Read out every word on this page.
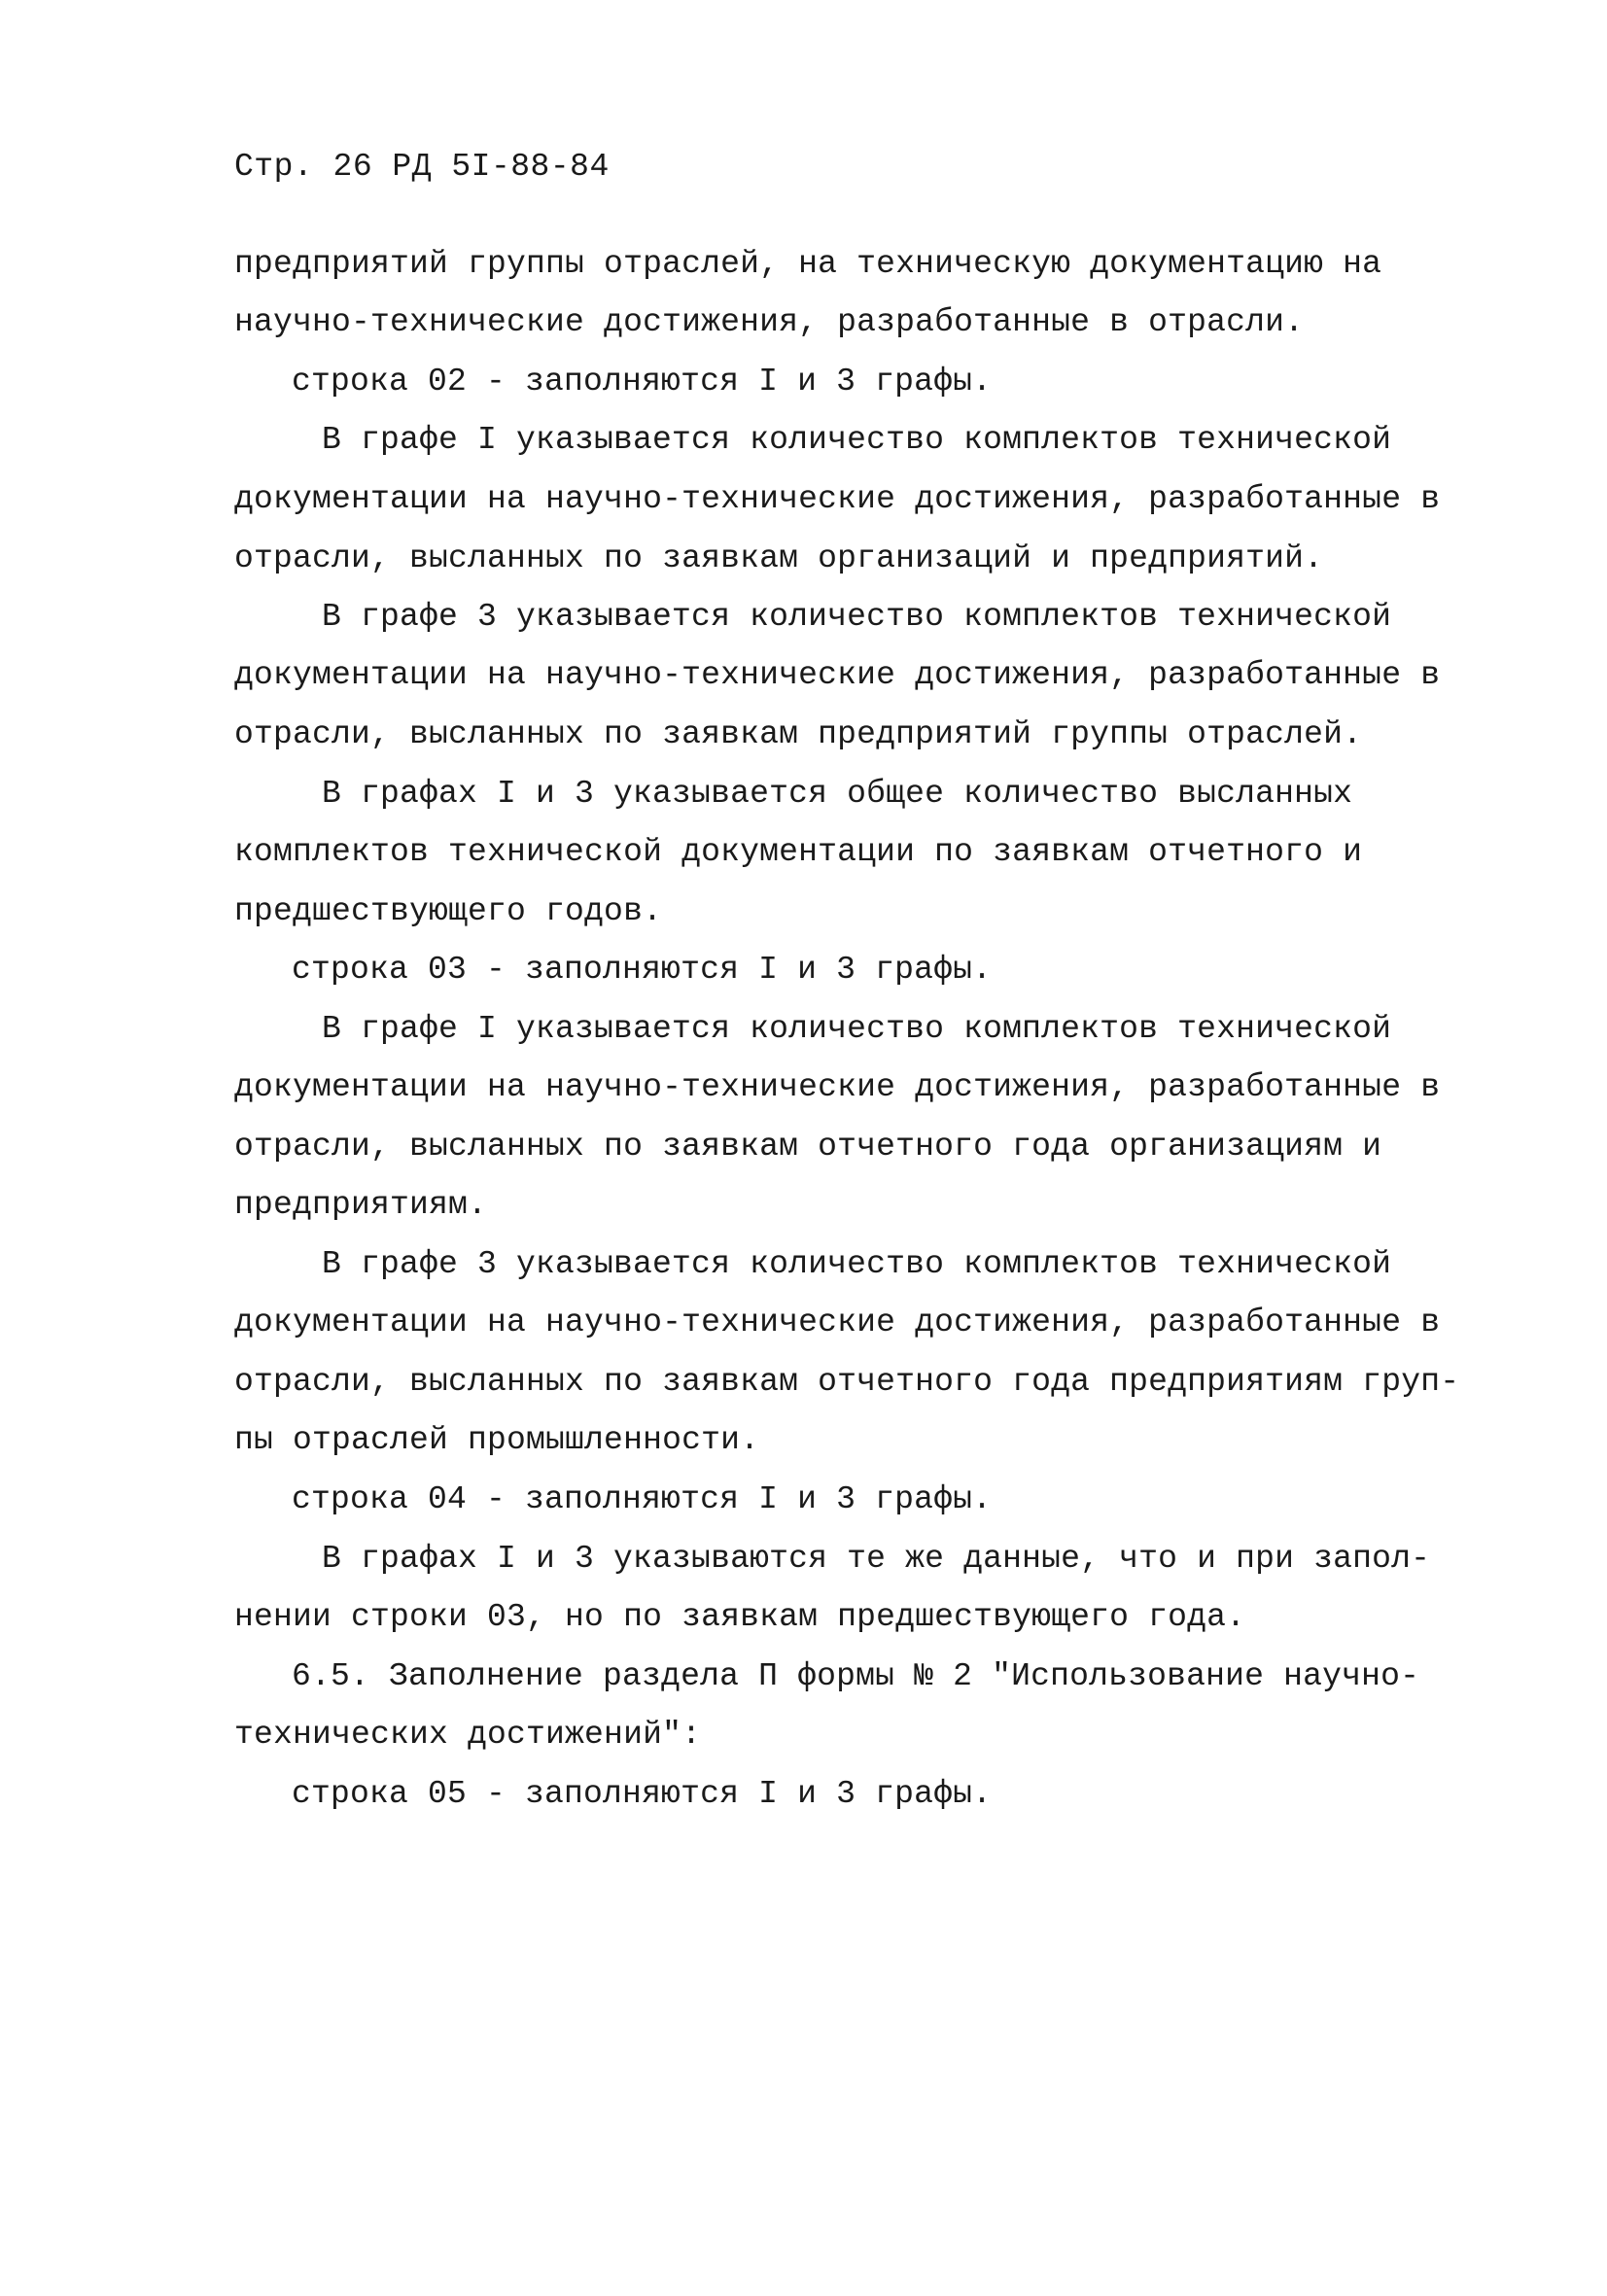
Стр. 26 РД 5I-88-84
предприятий группы отраслей, на техническую документацию на
научно-технические достижения, разработанные в отрасли.
строка 02 - заполняются I и 3 графы.
В графе I указывается количество комплектов технической
документации на научно-технические достижения, разработанные в
отрасли, высланных по заявкам организаций и предприятий.
В графе 3 указывается количество комплектов технической
документации на научно-технические достижения, разработанные в
отрасли, высланных по заявкам предприятий группы отраслей.
В графах I и 3 указывается общее количество высланных
комплектов технической документации по заявкам отчетного и
предшествующего годов.
строка 03 - заполняются I и 3 графы.
В графе I указывается количество комплектов технической
документации на научно-технические достижения, разработанные в
отрасли, высланных по заявкам отчетного года организациям и
предприятиям.
В графе 3 указывается количество комплектов технической
документации на научно-технические достижения, разработанные в
отрасли, высланных по заявкам отчетного года предприятиям груп-
пы отраслей промышленности.
строка 04 - заполняются I и 3 графы.
В графах I и 3 указываются те же данные, что и при запол-
нении строки 03, но по заявкам предшествующего года.
6.5. Заполнение раздела П формы № 2 "Использование научно-
технических достижений":
строка 05 - заполняются I и 3 графы.
